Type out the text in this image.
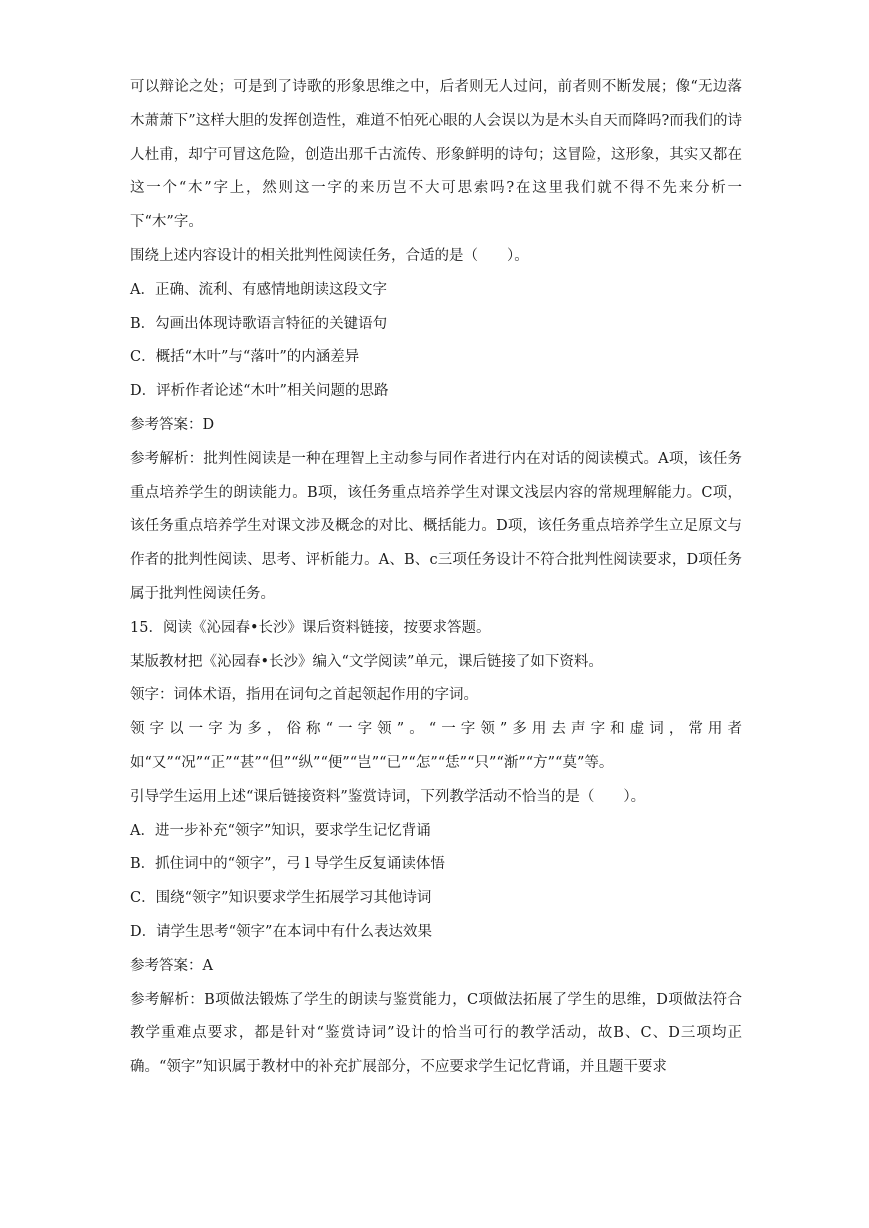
可以辩论之处；可是到了诗歌的形象思维之中，后者则无人过问，前者则不断发展；像“无边落木萧萧下”这样大胆的发挥创造性，难道不怕死心眼的人会误以为是木头自天而降吗?而我们的诗人杜甫，却宁可冒这危险，创造出那千古流传、形象鲜明的诗句；这冒险，这形象，其实又都在这一个“木”字上，然则这一字的来历岂不大可思索吗?在这里我们就不得不先来分析一下“木”字。

围绕上述内容设计的相关批判性阅读任务，合适的是（　　）。

A．正确、流利、有感情地朗读这段文字

B．勾画出体现诗歌语言特征的关键语句

C．概括“木叶”与“落叶”的内涵差异

D．评析作者论述“木叶”相关问题的思路

参考答案：D

参考解析：批判性阅读是一种在理智上主动参与同作者进行内在对话的阅读模式。A项，该任务重点培养学生的朗读能力。B项，该任务重点培养学生对课文浅层内容的常规理解能力。C项，该任务重点培养学生对课文涉及概念的对比、概括能力。D项，该任务重点培养学生立足原文与作者的批判性阅读、思考、评析能力。A、B、c三项任务设计不符合批判性阅读要求，D项任务属于批判性阅读任务。

15．阅读《沁园春•长沙》课后资料链接，按要求答题。

某版教材把《沁园春•长沙》编入“文学阅读”单元，课后链接了如下资料。

领字：词体术语，指用在词句之首起领起作用的字词。

领字以一字为多，俗称“一字领”。“一字领”多用去声字和虚词，常用者如“又”“况”“正”“甚”“但”“纵”“便”“岂”“已”“怎”“恁”“只”“渐”“方”“莫”等。

引导学生运用上述“课后链接资料”鉴赏诗词，下列教学活动不恰当的是（　　）。

A．进一步补充“领字”知识，要求学生记忆背诵

B．抓住词中的“领字”，弓 l 导学生反复诵读体悟

C．围绕“领字”知识要求学生拓展学习其他诗词

D．请学生思考“领字”在本词中有什么表达效果

参考答案：A

参考解析：B项做法锻炼了学生的朗读与鉴赏能力，C项做法拓展了学生的思维，D项做法符合教学重难点要求，都是针对“鉴赏诗词”设计的恰当可行的教学活动，故B、C、D三项均正确。“领字”知识属于教材中的补充扩展部分，不应要求学生记忆背诵，并且题干要求
